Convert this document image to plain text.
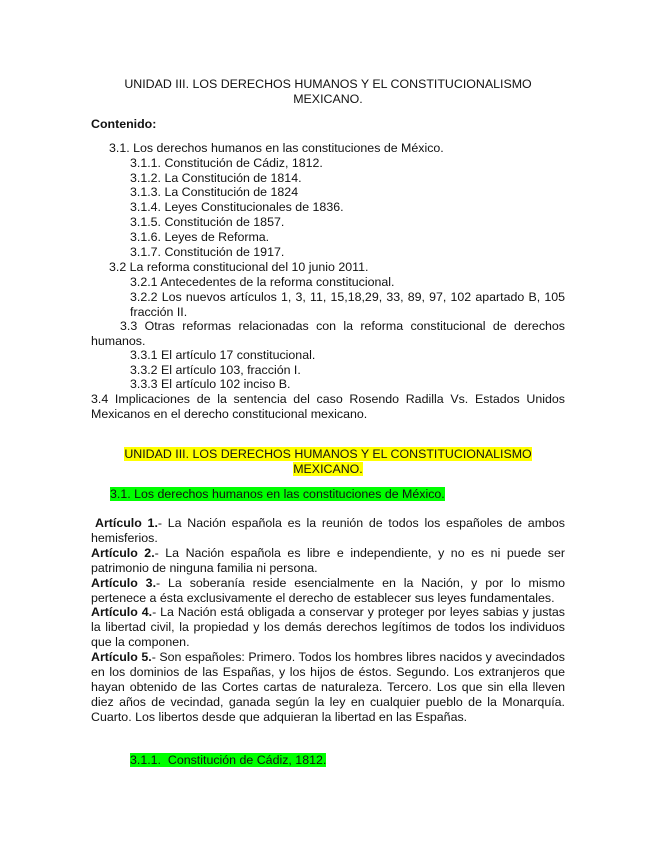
UNIDAD III. LOS DERECHOS HUMANOS Y EL CONSTITUCIONALISMO
MEXICANO.
Contenido:
3.1. Los derechos humanos en las constituciones de México.
3.1.1. Constitución de Cádiz, 1812.
3.1.2. La Constitución de 1814.
3.1.3. La Constitución de 1824
3.1.4. Leyes Constitucionales de 1836.
3.1.5. Constitución de 1857.
3.1.6. Leyes de Reforma.
3.1.7. Constitución de 1917.
3.2 La reforma constitucional del 10 junio 2011.
3.2.1 Antecedentes de la reforma constitucional.
3.2.2 Los nuevos artículos 1, 3, 11, 15,18,29, 33, 89, 97, 102 apartado B, 105 fracción II.
3.3 Otras reformas relacionadas con la reforma constitucional de derechos humanos.
3.3.1 El artículo 17 constitucional.
3.3.2 El artículo 103, fracción I.
3.3.3 El artículo 102 inciso B.
3.4 Implicaciones de la sentencia del caso Rosendo Radilla Vs. Estados Unidos Mexicanos en el derecho constitucional mexicano.
UNIDAD III. LOS DERECHOS HUMANOS Y EL CONSTITUCIONALISMO
MEXICANO.
3.1. Los derechos humanos en las constituciones de México.
Artículo 1.- La Nación española es la reunión de todos los españoles de ambos hemisferios.
Artículo 2.- La Nación española es libre e independiente, y no es ni puede ser patrimonio de ninguna familia ni persona.
Artículo 3.- La soberanía reside esencialmente en la Nación, y por lo mismo pertenece a ésta exclusivamente el derecho de establecer sus leyes fundamentales.
Artículo 4.- La Nación está obligada a conservar y proteger por leyes sabias y justas la libertad civil, la propiedad y los demás derechos legítimos de todos los individuos que la componen.
Artículo 5.- Son españoles: Primero. Todos los hombres libres nacidos y avecindados en los dominios de las Españas, y los hijos de éstos. Segundo. Los extranjeros que hayan obtenido de las Cortes cartas de naturaleza. Tercero. Los que sin ella lleven diez años de vecindad, ganada según la ley en cualquier pueblo de la Monarquía. Cuarto. Los libertos desde que adquieran la libertad en las Españas.
3.1.1.  Constitución de Cádiz, 1812.
